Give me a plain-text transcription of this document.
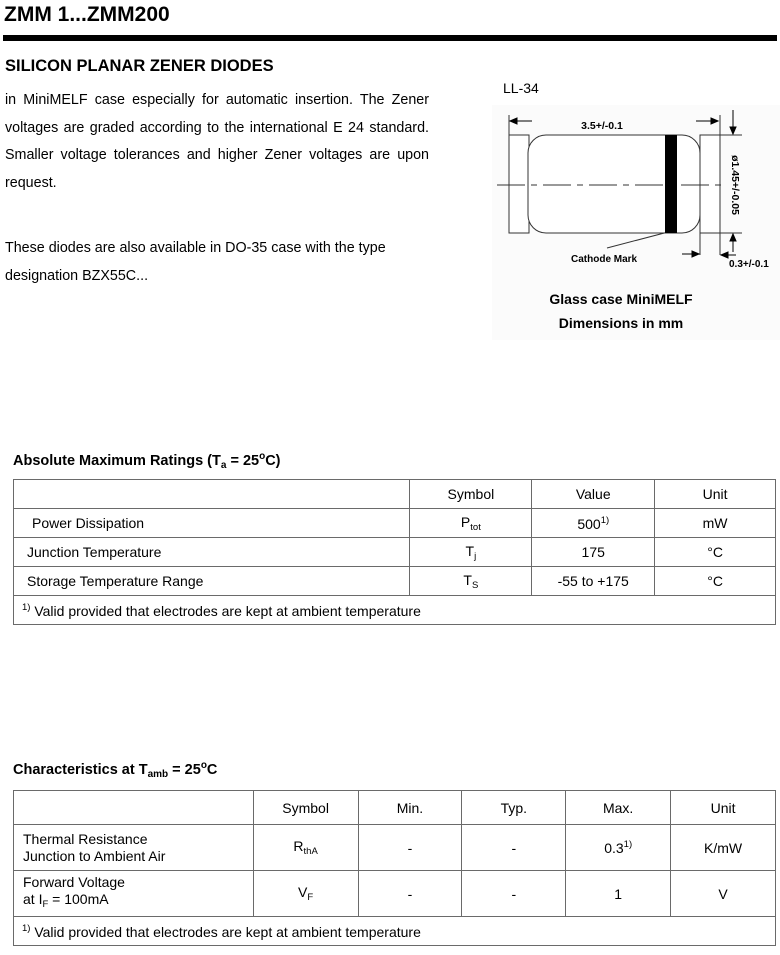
ZMM 1...ZMM200
SILICON PLANAR ZENER DIODES
in MiniMELF case especially for automatic insertion. The Zener voltages are graded according to the international E 24 standard. Smaller voltage tolerances and higher Zener voltages are upon request.
These diodes are also available in DO-35 case with the type designation BZX55C...
LL-34
3.5+/-0.1
ø1.45+/-0.05
0.3+/-0.1
Cathode Mark
Glass case MiniMELF
Dimensions in mm
Absolute Maximum Ratings $(T_a = 25^oC)$
	Symbol	Value	Unit
Power Dissipation	$P_{tot}$	500$^{1)}$	mW
Junction Temperature	$T_j$	175	°C
Storage Temperature Range	$T_S$	-55 to +175	°C
$^{1)}$ Valid provided that electrodes are kept at ambient temperature			
Characteristics at $T_{amb} = 25^oC$
	Symbol	Min.	Typ.	Max.	Unit

Thermal Resistance
Junction to Ambient Air	$R_{thA}$	-	-	0.3$^{1)}$	K/mW

Forward Voltage
at $I_F = 100mA$	$V_F$	-	-	1	V
$^{1)}$ Valid provided that electrodes are kept at ambient temperature					
